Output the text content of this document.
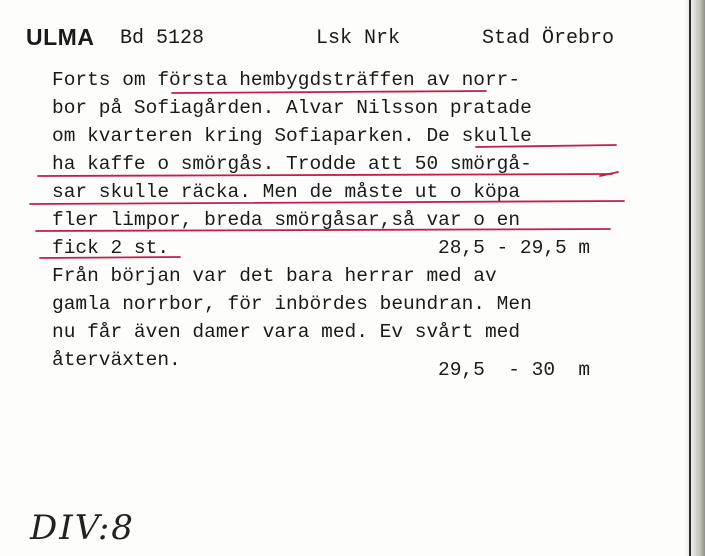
ULMA Bd 5128	Lsk Nrk	Stad Örebro
Forts om första hembygdsträffen av norr-
bor på Sofiagården. Alvar Nilsson pratade
om kvarteren kring Sofiaparken. De skulle
ha kaffe o smörgås. Trodde att 50 smörgå-
sar skulle räcka. Men de måste ut o köpa
fler limpor, breda smörgåsar,så var o en
fick 2 st.	28,5 - 29,5 m
Från början var det bara herrar med av
gamla norrbor, för inbördes beundran. Men
nu får även damer vara med. Ev svårt med
återväxten.	29,5  - 30  m
DIV:8
